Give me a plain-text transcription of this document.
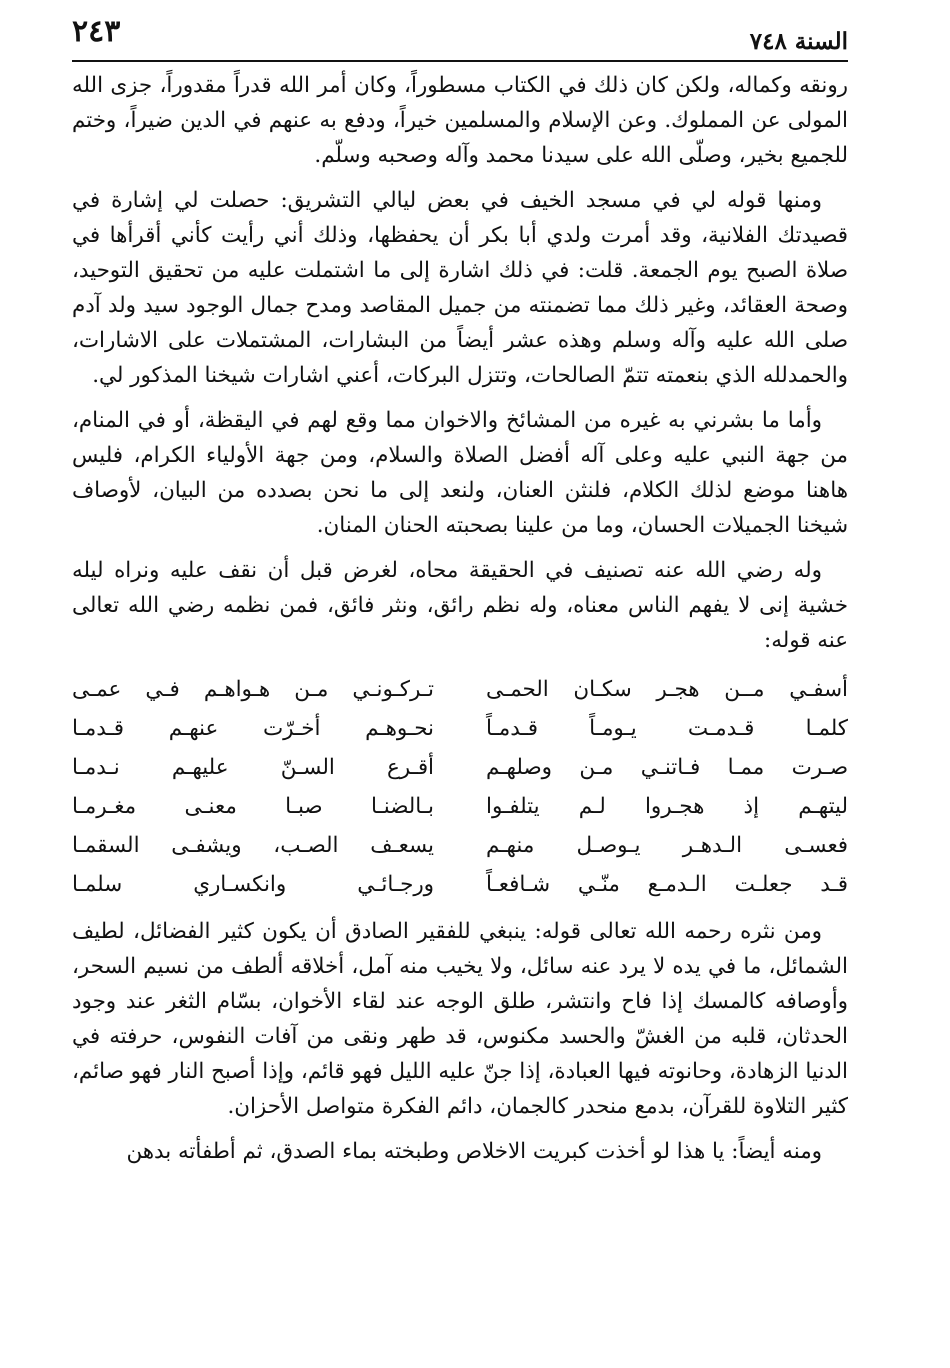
السنة ٧٤٨
٢٤٣

رونقه وكماله، ولكن كان ذلك في الكتاب مسطوراً، وكان أمر الله قدراً مقدوراً، جزى الله المولى عن المملوك. وعن الإسلام والمسلمين خيراً، ودفع به عنهم في الدين ضيراً، وختم للجميع بخير، وصلّى الله على سيدنا محمد وآله وصحبه وسلّم.

ومنها قوله لي في مسجد الخيف في بعض ليالي التشريق: حصلت لي إشارة في قصيدتك الفلانية، وقد أمرت ولدي أبا بكر أن يحفظها، وذلك أني رأيت كأني أقرأها في صلاة الصبح يوم الجمعة. قلت: في ذلك اشارة إلى ما اشتملت عليه من تحقيق التوحيد، وصحة العقائد، وغير ذلك مما تضمنته من جميل المقاصد ومدح جمال الوجود سيد ولد آدم صلى الله عليه وآله وسلم وهذه عشر أيضاً من البشارات، المشتملات على الاشارات، والحمدلله الذي بنعمته تتمّ الصالحات، وتتزل البركات، أعني اشارات شيخنا المذكور لي.

وأما ما بشرني به غيره من المشائخ والاخوان مما وقع لهم في اليقظة، أو في المنام، من جهة النبي عليه وعلى آله أفضل الصلاة والسلام، ومن جهة الأولياء الكرام، فليس هاهنا موضع لذلك الكلام، فلنثن العنان، ولنعد إلى ما نحن بصدده من البيان، لأوصاف شيخنا الجميلات الحسان، وما من علينا بصحبته الحنان المنان.

وله رضي الله عنه تصنيف في الحقيقة محاه، لغرض قبل أن نقف عليه ونراه ليله خشية إنى لا يفهم الناس معناه، وله نظم رائق، ونثر فائق، فمن نظمه رضي الله تعالى عنه قوله:

أسفـي مــن هجـر سكـان الحمـى
تـركـونـي مـن هـواهـم فـي عمـى
كلمـا قـدمـت يـومـاً قـدمـاً
نحـوهـم أخـرّت عنهـم قـدمـا
صـرت ممـا فـاتنـي مـن وصلهـم
أقـرع السـنّ عليهـم نـدمـا
ليتهـم إذ هجـروا لـم يتلفـوا
بـالضنـا صبـا معنـى مغـرمـا
فعسـى الـدهـر يـوصـل منهـم
يسعـف الصـب، ويشفـى السقمـا
قـد جعلـت الـدمـع منّـي شـافعـاً
ورجـائـي وانكسـاري سلمـا

ومن نثره رحمه الله تعالى قوله: ينبغي للفقير الصادق أن يكون كثير الفضائل، لطيف الشمائل، ما في يده لا يرد عنه سائل، ولا يخيب منه آمل، أخلاقه ألطف من نسيم السحر، وأوصافه كالمسك إذا فاح وانتشر، طلق الوجه عند لقاء الأخوان، بسّام الثغر عند وجود الحدثان، قلبه من الغشّ والحسد مكنوس، قد طهر ونقى من آفات النفوس، حرفته في الدنيا الزهادة، وحانوته فيها العبادة، إذا جنّ عليه الليل فهو قائم، وإذا أصبح النار فهو صائم، كثير التلاوة للقرآن، بدمع منحدر كالجمان، دائم الفكرة متواصل الأحزان.

ومنه أيضاً: يا هذا لو أخذت كبريت الاخلاص وطبخته بماء الصدق، ثم أطفأته بدهن
